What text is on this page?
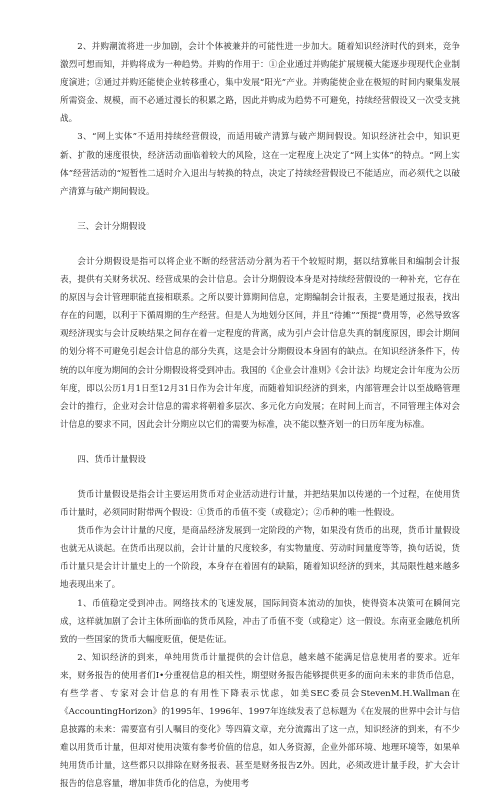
2、并购潮流将进一步加剧，会计个体被兼并的可能性进一步加大。随着知识经济时代的到来，竞争激烈可想而知，并购将成为一种趋势。并购的作用于：①企业通过并购能扩展规模大能逐步现现代企业制度演进；②通过并购还能使企业转移重心，集中发展“阳光”产业。并购能使企业在极短的时间内聚集发展所需资金、规模，而不必通过漫长的积累之路，因此并购成为趋势不可避免，持续经营假设又一次受支挑战。

3、“网上实体”不适用持续经营假设，而适用破产清算与破产期间假设。知识经济社会中，知识更新、扩散的速度很快，经济活动面临着较大的风险，这在一定程度上决定了“网上实体”的特点。“网上实体”经营活动的“短暂性二适时介入退出与转换的特点，决定了持续经营假设已不能适应，而必须代之以破产清算与破产期间假设。

三、会计分期假设

会计分期假设是指可以将企业不断的经营活动分割为若干个较短时期，据以结算帐目和编制会计报表，提供有关财务状况、经营成果的会计信息。会计分期假设本身是对持续经营假设的一种补充，它存在的原因与会计管理职能直接相联系。之所以要计算期间信息，定期编制会计报表，主要是通过报表，找出存在的问题，以利于下循周期的生产经营。但是人为地划分区间，并且“待摊”“预提”费用等，必然导致客观经济现实与会计反映结果之间存在着一定程度的背离，成为引卢会计信息失真的制度原因，即会计期间的划分将不可避免引起会计信息的部分失真，这是会计分期假设本身固有的缺点。在知识经济条件下，传统的以年度为期间的会计分期假设将受到冲击。我国的《企业会计准则》《会计法》均规定会计年度为公历年度，即以公历1月1日至12月31日作为会计年度，而随着知识经济的到来，内部管理会计以至战略管理会计的推行，企业对会计信息的需求将朝着多层次、多元化方向发展；在时间上而言，不同管理主体对会计信息的要求不同，因此会计分期应以它们的需要为标准，决不能以整齐划一的日历年度为标准。

四、货币计量假设

货币计量假设是指会计主要运用货币对企业活动进行计量，并把结果加以传递的一个过程，在使用货币计量时，必须同时附带两个假设：①货币的币值不变（或稳定）；②币种的唯一性假设。

货币作为会计计量的尺度，是商品经济发展到一定阶段的产物，如果没有货币的出现，货币计量假设也就无从谈起。在货币出现以前，会计计量的尺度较多，有实物量度、劳动时间量度等等，换句话说，货币计量只是会计计量史上的一个阶段，本身存在着固有的缺陷，随着知识经济的到来，其局限性越来越多地表现出来了。

1、币值稳定受到冲击。网络技术的飞速发展，国际间资本流动的加快，使得资本决策可在瞬间完成，这样就加剧了会计主体所面临的货币风险，冲击了币值不变（或稳定）这一假设。东南亚金融危机所致的一些国家的货币大幅度贬值，便是佐证。

2、知识经济的到来，单纯用货币计量提供的会计信息，越来越不能满足信息使用者的要求。近年来，财务报告的使用者们I•分重视信息的相关性，期望财务报告能够提供更多的面向未来的非货币信息，有些学者、专家对会计信息的有用性下降表示忧虑，如美SEC委员会StevenM.H.Wallman在《AccountingHorizon》的1995年、1996年、1997年连续发表了总标题为《在发展的世界中会计与信息披露的未来：需要富有引人嘱目的变化》等四篇文章，充分流露出了这一点，知识经济的到来，有不少难以用货币计量，但却对使用决策有参考价值的信息，如人务资源，企业外部环境、地理环境等，如果单纯用货币计量，这些都只以排除在财务报表、甚至是财务报告Z外。因此，必须改进计量手段，扩大会计报告的信息容量，增加非货币化的信息，为使用考
